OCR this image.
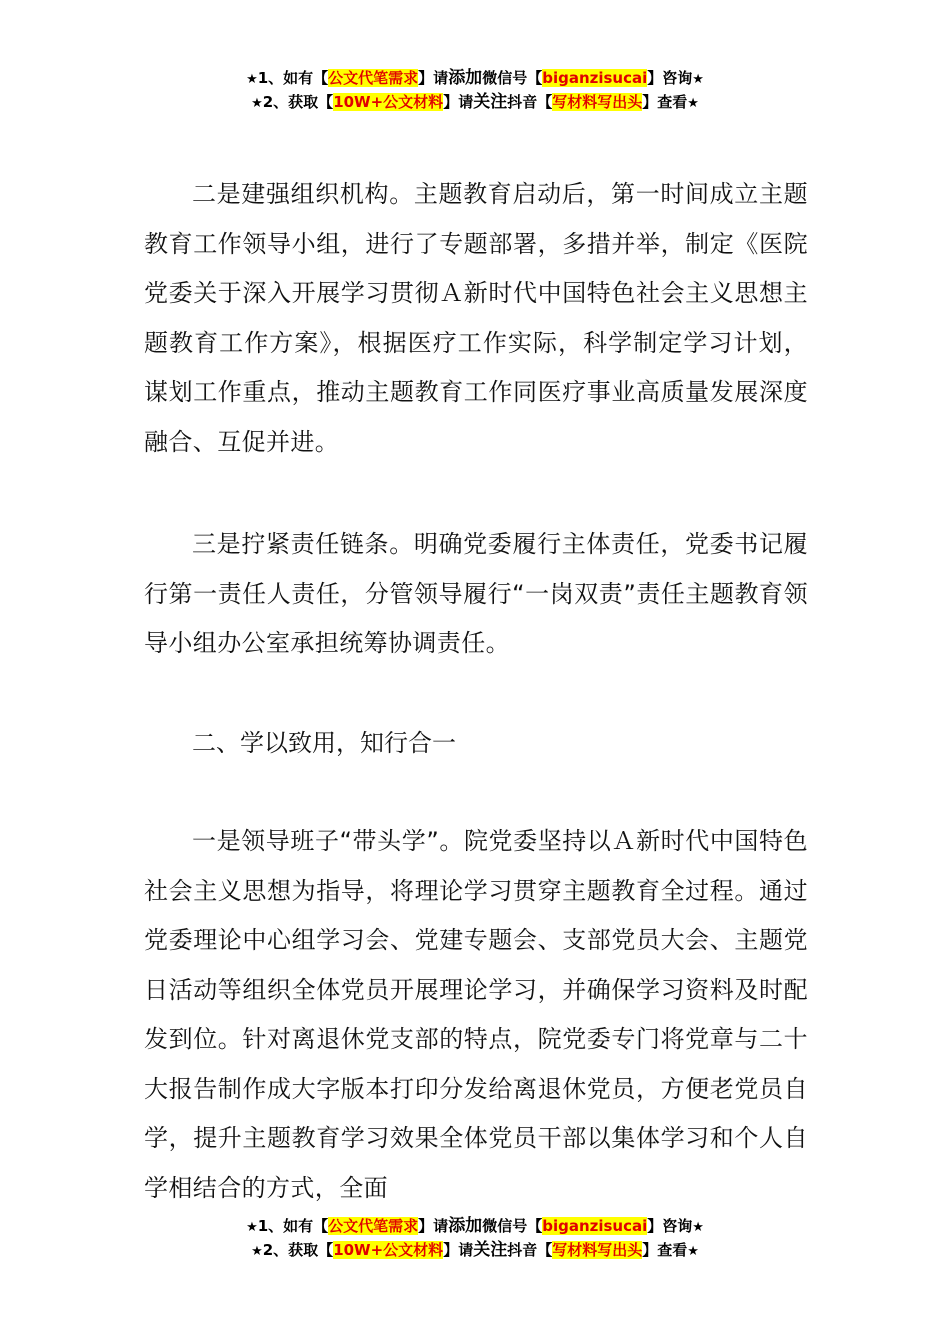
★1、如有【公文代笔需求】请添加微信号【biganzisucai】咨询★
★2、获取【10W+公文材料】请关注抖音【写材料写出头】查看★

二是建强组织机构。主题教育启动后，第一时间成立主题教育工作领导小组，进行了专题部署，多措并举，制定《医院党委关于深入开展学习贯彻Ａ新时代中国特色社会主义思想主题教育工作方案》，根据医疗工作实际，科学制定学习计划，谋划工作重点，推动主题教育工作同医疗事业高质量发展深度融合、互促并进。

三是拧紧责任链条。明确党委履行主体责任，党委书记履行第一责任人责任，分管领导履行“一岗双责”责任主题教育领导小组办公室承担统筹协调责任。

二、学以致用，知行合一

一是领导班子“带头学”。院党委坚持以Ａ新时代中国特色社会主义思想为指导，将理论学习贯穿主题教育全过程。通过党委理论中心组学习会、党建专题会、支部党员大会、主题党日活动等组织全体党员开展理论学习，并确保学习资料及时配发到位。针对离退休党支部的特点，院党委专门将党章与二十大报告制作成大字版本打印分发给离退休党员，方便老党员自学，提升主题教育学习效果全体党员干部以集体学习和个人自学相结合的方式，全面

★1、如有【公文代笔需求】请添加微信号【biganzisucai】咨询★
★2、获取【10W+公文材料】请关注抖音【写材料写出头】查看★
